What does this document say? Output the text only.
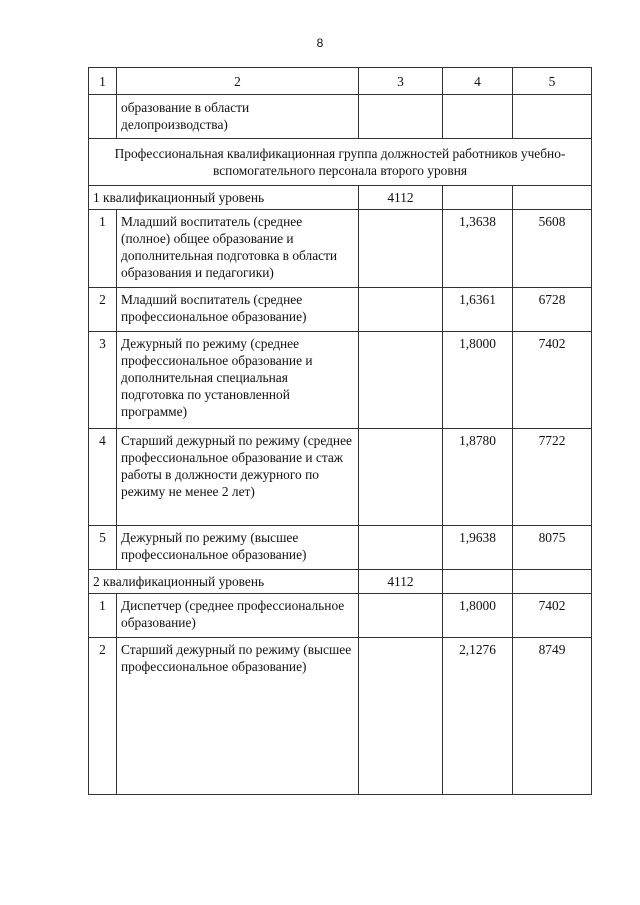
8
1	2	3	4	5
	образование в области делопроизводства)			
Профессиональная квалификационная группа должностей работников учебно-вспомогательного персонала второго уровня				
1 квалификационный уровень		4112		
1	Младший воспитатель (среднее (полное) общее образование и дополнительная подготовка в области образования и педагогики)		1,3638	5608
2	Младший воспитатель (среднее профессиональное образование)		1,6361	6728
3	Дежурный по режиму (среднее профессиональное образование и дополнительная специальная подготовка по установленной программе)		1,8000	7402
4	Старший дежурный по режиму (среднее профессиональное образование и стаж работы в должности дежурного по режиму не менее 2 лет)		1,8780	7722
5	Дежурный по режиму (высшее профессиональное образование)		1,9638	8075
2 квалификационный уровень		4112		
1	Диспетчер (среднее профессиональное образование)		1,8000	7402
2	Старший дежурный по режиму (высшее профессиональное образование)		2,1276	8749
